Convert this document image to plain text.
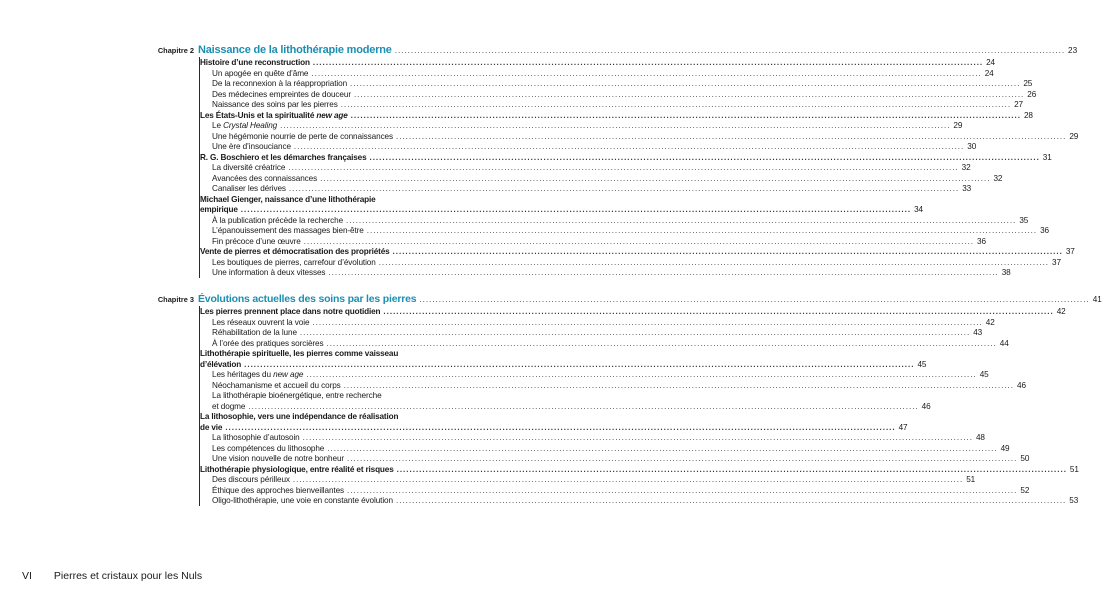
Chapitre 2 Naissance de la lithothérapie moderne .....	23
Histoire d’une reconstruction .....	24
Un apogée en quête d’âme .....	24
De la reconnexion à la réappropriation .....	25
Des médecines empreintes de douceur .....	26
Naissance des soins par les pierres .....	27
Les États-Unis et la spiritualité new age .....	28
Le Crystal Healing .....	29
Une hégémonie nourrie de perte de connaissances .....	29
Une ère d’insouciance .....	30
R. G. Boschiero et les démarches françaises .....	31
La diversité créatrice .....	32
Avancées des connaissances .....	32
Canaliser les dérives .....	33
Michael Gienger, naissance d’une lithothérapie
empirique .....	34
À la publication précède la recherche .....	35
L’épanouissement des massages bien-être .....	36
Fin précoce d’une œuvre .....	36
Vente de pierres et démocratisation des propriétés .....	37
Les boutiques de pierres, carrefour d’évolution .....	37
Une information à deux vitesses .....	38
Chapitre 3 Évolutions actuelles des soins par les pierres .....	41
Les pierres prennent place dans notre quotidien .....	42
Les réseaux ouvrent la voie .....	42
Réhabilitation de la lune .....	43
À l’orée des pratiques sorcières .....	44
Lithothérapie spirituelle, les pierres comme vaisseau
d’élévation .....	45
Les héritages du new age .....	45
Néochamanisme et accueil du corps .....	46
La lithothérapie bioénergétique, entre recherche
et dogme .....	46
La lithosophie, vers une indépendance de réalisation
de vie .....	47
La lithosophie d’autosoin .....	48
Les compétences du lithosophe .....	49
Une vision nouvelle de notre bonheur .....	50
Lithothérapie physiologique, entre réalité et risques .....	51
Des discours périlleux .....	51
Éthique des approches bienveillantes .....	52
Oligo-lithothérapie, une voie en constante évolution .....	53
VI Pierres et cristaux pour les Nuls
